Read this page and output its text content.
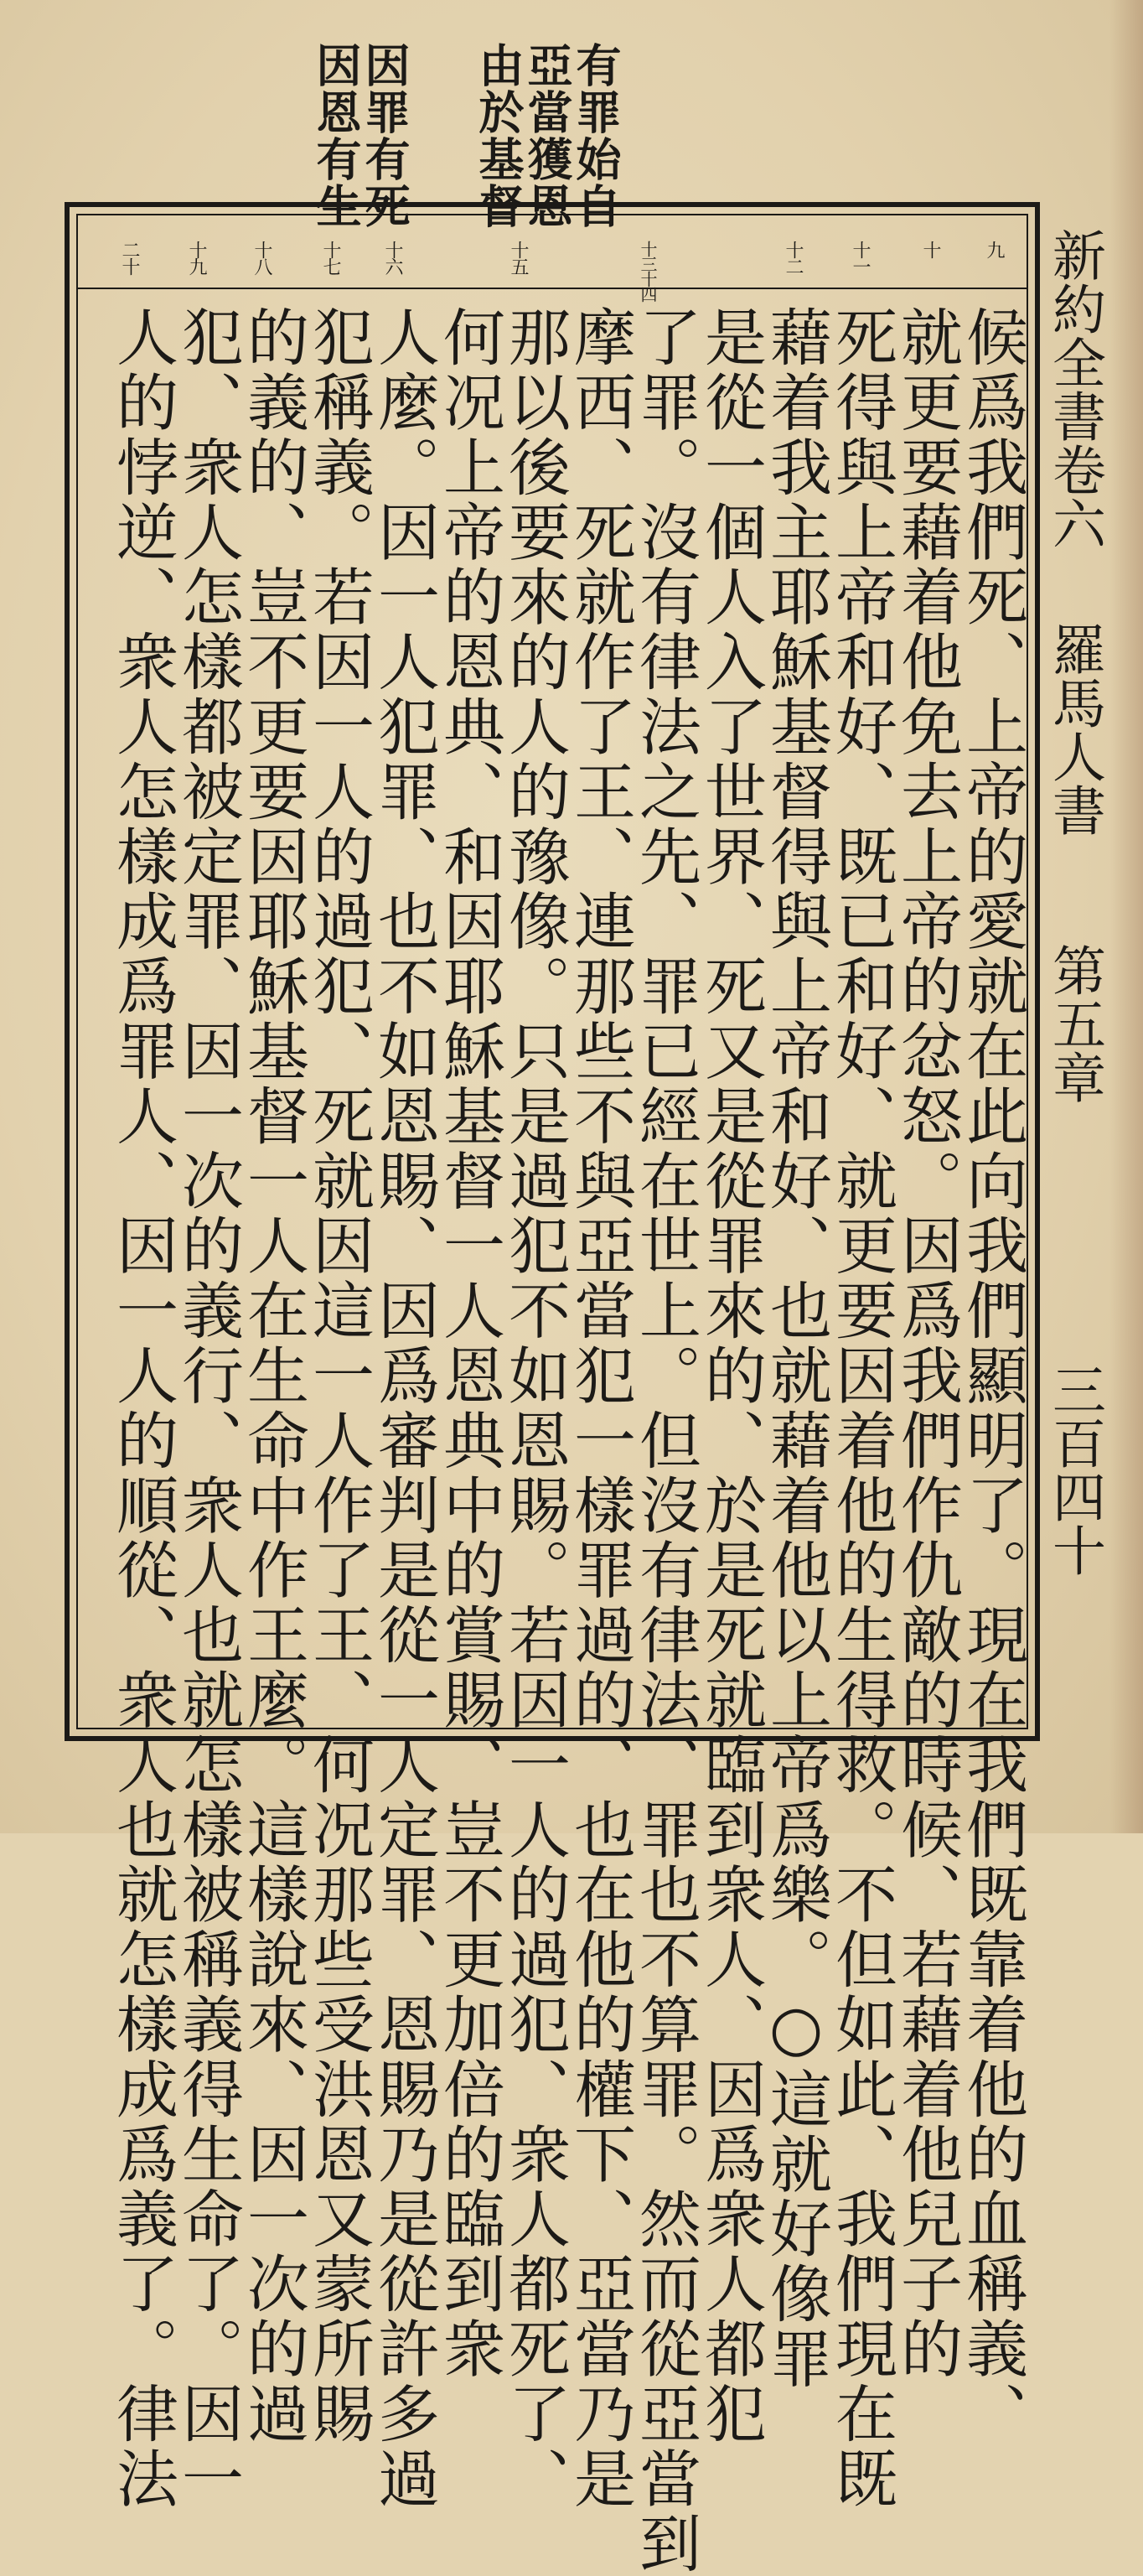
有罪始自
亞當獲恩
由於基督
因罪有死
因恩有生
新約全書卷六
羅馬人書
第五章
三百四十
九
十
十一
十二
十三十四
十五
十六
十七
十八
十九
二十
候爲我們死、上帝的愛就在此向我們顯明了。現在我們既靠着他的血稱義、
就更要藉着他免去上帝的忿怒。因爲我們作仇敵的時候、若藉着他兒子的
死得與上帝和好、既已和好、就更要因着他的生得救。不但如此、我們現在既
藉着我主耶穌基督得與上帝和好、也就藉着他以上帝爲樂。○這就好像罪
是從一個人入了世界、死又是從罪來的、於是死就臨到衆人、因爲衆人都犯
了罪。沒有律法之先、罪已經在世上。但沒有律法、罪也不算罪。然而從亞當到
摩西、死就作了王、連那些不與亞當犯一樣罪過的、也在他的權下、亞當乃是
那以後要來的人的豫像。只是過犯不如恩賜。若因一人的過犯、衆人都死了、
何况上帝的恩典、和因耶穌基督一人恩典中的賞賜、豈不更加倍的臨到衆
人麼。因一人犯罪、也不如恩賜、因爲審判是從一人定罪、恩賜乃是從許多過
犯稱義。若因一人的過犯、死就因這一人作了王、何况那些受洪恩又蒙所賜
的義的、豈不更要因耶穌基督一人在生命中作王麼。這樣說來、因一次的過
犯、衆人怎樣都被定罪、因一次的義行、衆人也就怎樣被稱義得生命了。因一
人的悖逆、衆人怎樣成爲罪人、因一人的順從、衆人也就怎樣成爲義了。律法
